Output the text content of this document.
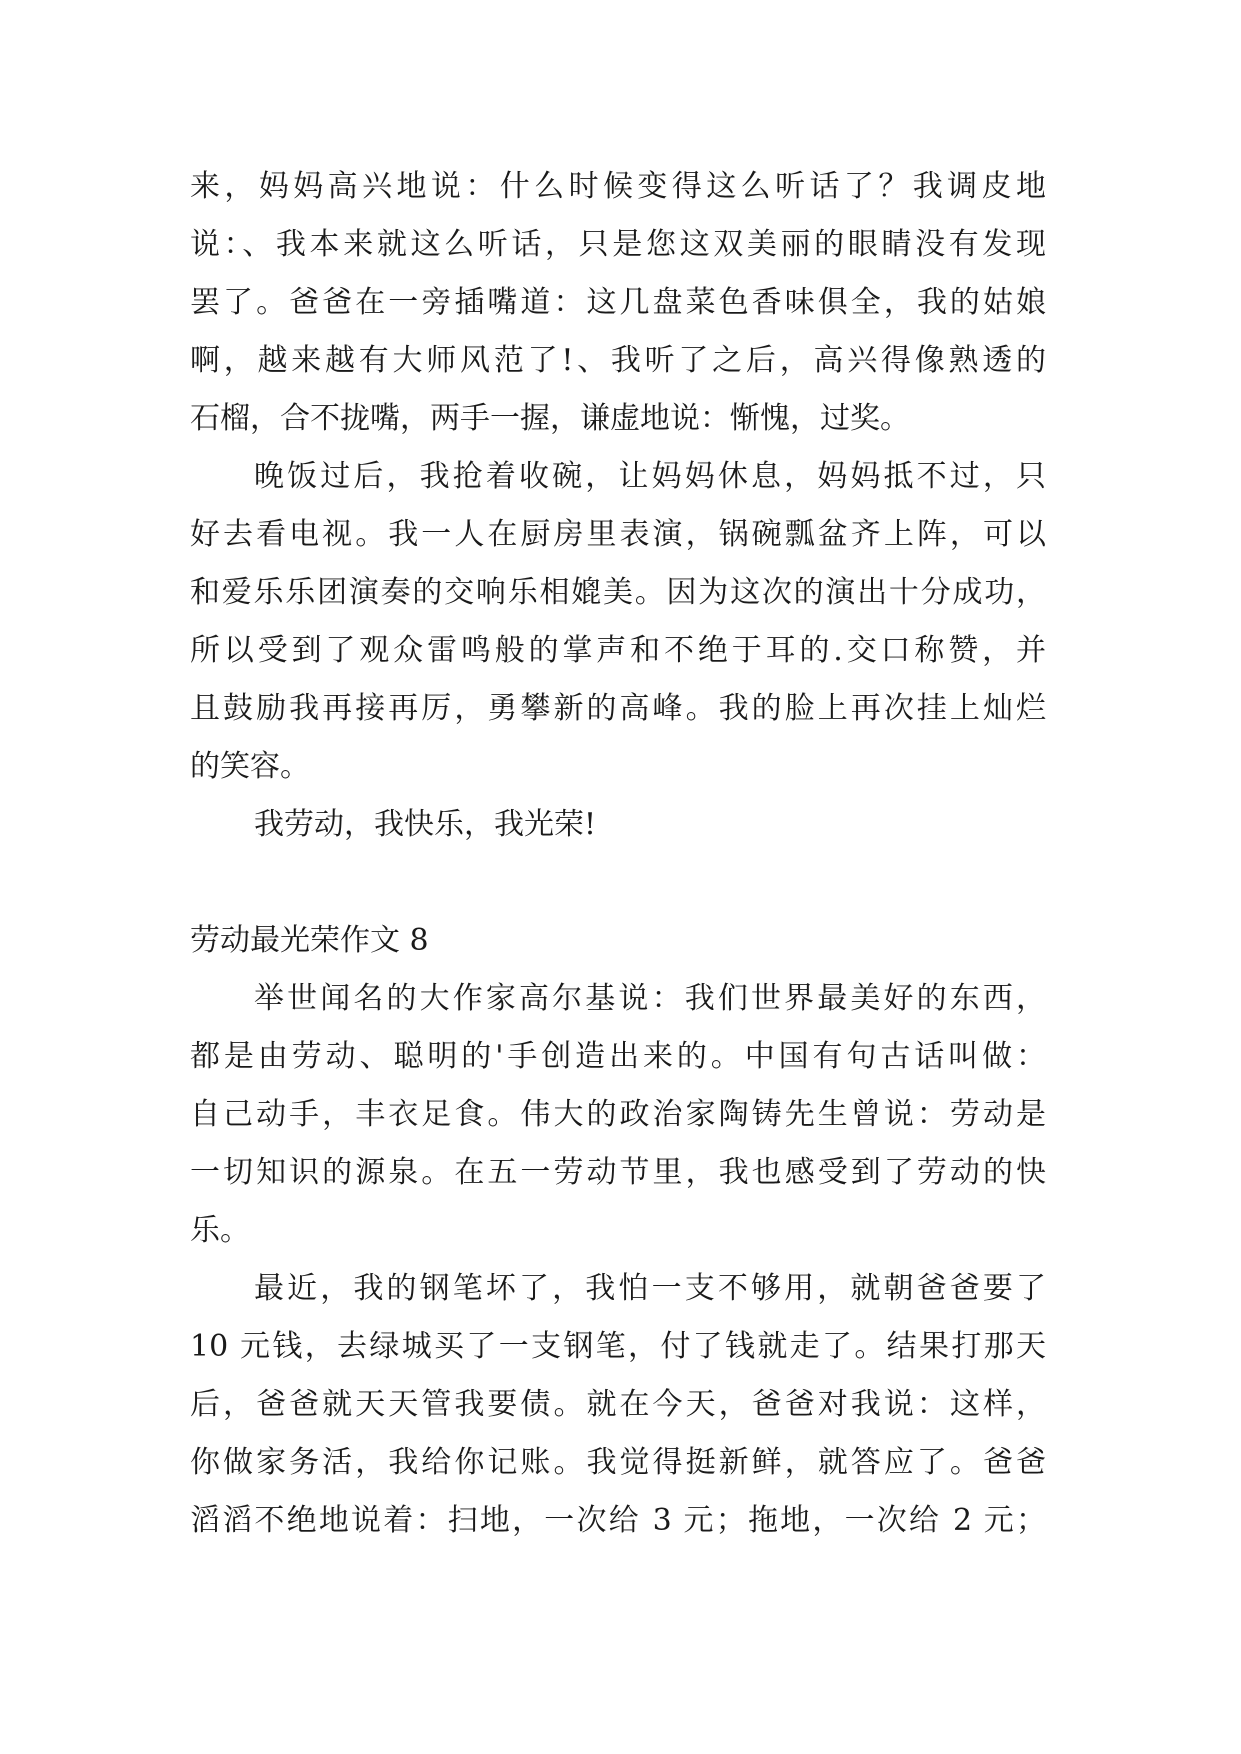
来，妈妈高兴地说：什么时候变得这么听话了？我调皮地
说：、我本来就这么听话，只是您这双美丽的眼睛没有发现
罢了。爸爸在一旁插嘴道：这几盘菜色香味俱全，我的姑娘
啊，越来越有大师风范了!、我听了之后，高兴得像熟透的
石榴，合不拢嘴，两手一握，谦虚地说：惭愧，过奖。
晚饭过后，我抢着收碗，让妈妈休息，妈妈抵不过，只
好去看电视。我一人在厨房里表演，锅碗瓢盆齐上阵，可以
和爱乐乐团演奏的交响乐相媲美。因为这次的演出十分成功，
所以受到了观众雷鸣般的掌声和不绝于耳的.交口称赞，并
且鼓励我再接再厉，勇攀新的高峰。我的脸上再次挂上灿烂
的笑容。
我劳动，我快乐，我光荣!
劳动最光荣作文 8
举世闻名的大作家高尔基说：我们世界最美好的东西，
都是由劳动、聪明的'手创造出来的。中国有句古话叫做：
自己动手，丰衣足食。伟大的政治家陶铸先生曾说：劳动是
一切知识的源泉。在五一劳动节里，我也感受到了劳动的快
乐。
最近，我的钢笔坏了，我怕一支不够用，就朝爸爸要了
10 元钱，去绿城买了一支钢笔，付了钱就走了。结果打那天
后，爸爸就天天管我要债。就在今天，爸爸对我说：这样，
你做家务活，我给你记账。我觉得挺新鲜，就答应了。爸爸
滔滔不绝地说着：扫地，一次给 3 元；拖地，一次给 2 元；
